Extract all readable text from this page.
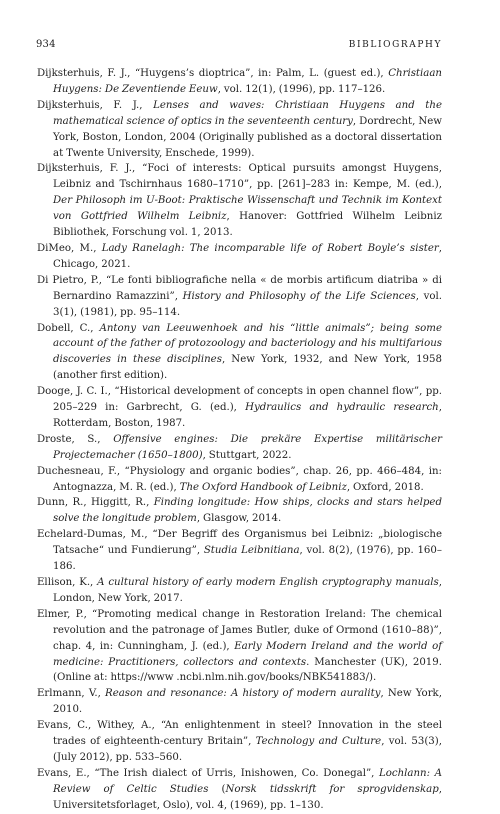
934	BIBLIOGRAPHY

Dijksterhuis, F. J., “Huygens’s dioptrica”, in: Palm, L. (guest ed.), Christiaan Huygens: De Zeventiende Eeuw, vol. 12(1), (1996), pp. 117–126.

Dijksterhuis, F. J., Lenses and waves: Christiaan Huygens and the mathematical science of optics in the seventeenth century, Dordrecht, New York, Boston, London, 2004 (Originally published as a doctoral dissertation at Twente University, Enschede, 1999).

Dijksterhuis, F. J., “Foci of interests: Optical pursuits amongst Huygens, Leibniz and Tschirnhaus 1680–1710”, pp. [261]–283 in: Kempe, M. (ed.), Der Philosoph im U-Boot: Praktische Wissenschaft und Technik im Kontext von Gottfried Wilhelm Leibniz, Hanover: Gottfried Wilhelm Leibniz Bibliothek, Forschung vol. 1, 2013.

DiMeo, M., Lady Ranelagh: The incomparable life of Robert Boyle’s sister, Chicago, 2021.

Di Pietro, P., “Le fonti bibliografiche nella « de morbis artificum diatriba » di Bernardino Ramazzini”, History and Philosophy of the Life Sciences, vol. 3(1), (1981), pp. 95–114.

Dobell, C., Antony van Leeuwenhoek and his “little animals”; being some account of the father of protozoology and bacteriology and his multifarious discoveries in these disciplines, New York, 1932, and New York, 1958 (another first edition).

Dooge, J. C. I., “Historical development of concepts in open channel flow”, pp. 205–229 in: Garbrecht, G. (ed.), Hydraulics and hydraulic research, Rotterdam, Boston, 1987.

Droste, S., Offensive engines: Die prekäre Expertise militärischer Projectemacher (1650–1800), Stuttgart, 2022.

Duchesneau, F., “Physiology and organic bodies”, chap. 26, pp. 466–484, in: Antognazza, M. R. (ed.), The Oxford Handbook of Leibniz, Oxford, 2018.

Dunn, R., Higgitt, R., Finding longitude: How ships, clocks and stars helped solve the longitude problem, Glasgow, 2014.

Echelard-Dumas, M., “Der Begriff des Organismus bei Leibniz: „biologische Tatsache“ und Fundierung”, Studia Leibnitiana, vol. 8(2), (1976), pp. 160–186.

Ellison, K., A cultural history of early modern English cryptography manuals, London, New York, 2017.

Elmer, P., “Promoting medical change in Restoration Ireland: The chemical revolution and the patronage of James Butler, duke of Ormond (1610–88)”, chap. 4, in: Cunningham, J. (ed.), Early Modern Ireland and the world of medicine: Practitioners, collectors and contexts. Manchester (UK), 2019. (Online at: https://www .ncbi.nlm.nih.gov/books/NBK541883/).

Erlmann, V., Reason and resonance: A history of modern aurality, New York, 2010.

Evans, C., Withey, A., “An enlightenment in steel? Innovation in the steel trades of eighteenth-century Britain”, Technology and Culture, vol. 53(3), (July 2012), pp. 533–560.

Evans, E., “The Irish dialect of Urris, Inishowen, Co. Donegal”, Lochlann: A Review of Celtic Studies (Norsk tidsskrift for sprogvidenskap, Universitetsforlaget, Oslo), vol. 4, (1969), pp. 1–130.
